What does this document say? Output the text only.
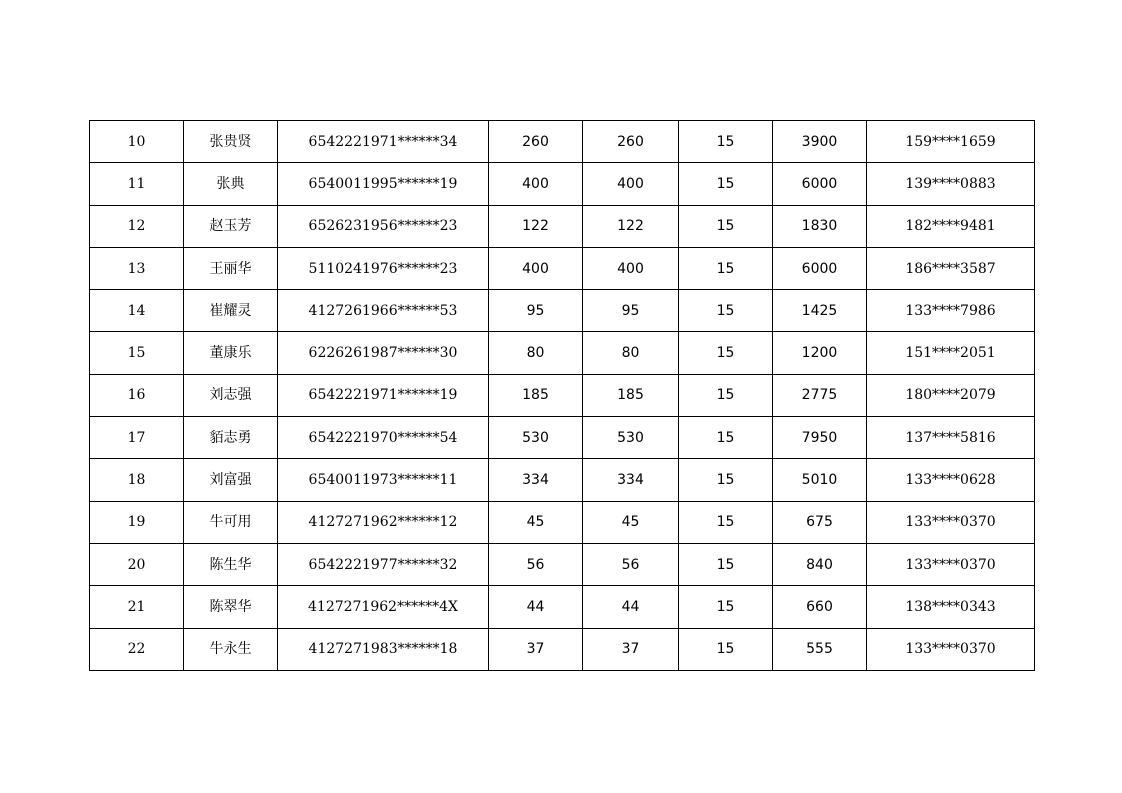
10	张贵贤	6542221971******34	260	260	15	3900	159****1659
11	张典	6540011995******19	400	400	15	6000	139****0883
12	赵玉芳	6526231956******23	122	122	15	1830	182****9481
13	王丽华	5110241976******23	400	400	15	6000	186****3587
14	崔耀灵	4127261966******53	95	95	15	1425	133****7986
15	董康乐	6226261987******30	80	80	15	1200	151****2051
16	刘志强	6542221971******19	185	185	15	2775	180****2079
17	貊志勇	6542221970******54	530	530	15	7950	137****5816
18	刘富强	6540011973******11	334	334	15	5010	133****0628
19	牛可用	4127271962******12	45	45	15	675	133****0370
20	陈生华	6542221977******32	56	56	15	840	133****0370
21	陈翠华	4127271962******4X	44	44	15	660	138****0343
22	牛永生	4127271983******18	37	37	15	555	133****0370
